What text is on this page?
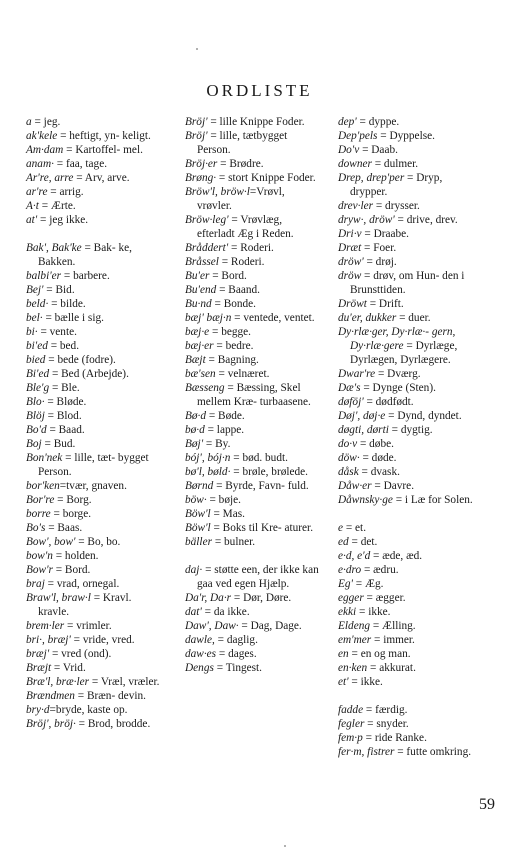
ORDLISTE
a = jeg.
ak'kele = heftigt, yn- keligt.
Am·dam = Kartoffel- mel.
anam· = faa, tage.
Ar're, arre = Arv, arve.
ar're = arrig.
A·t = Ærte.
at' = jeg ikke.
Bak', Bak'ke = Bak- ke, Bakken.
balbi'er = barbere.
Bej' = Bid.
beld· = bilde.
bel· = bælle i sig.
bi· = vente.
bi'ed = bed.
bied = bede (fodre).
Bi'ed = Bed (Arbejde).
Ble'g = Ble.
Blo· = Bløde.
Blöj = Blod.
Bo'd = Baad.
Boj = Bud.
Bon'nek = lille, tæt- bygget Person.
bor'ken=tvær, gnaven.
Bor're = Borg.
borre = borge.
Bo's = Baas.
Bow', bow' = Bo, bo.
bow'n = holden.
Bow'r = Bord.
braj = vrad, ornegal.
Braw'l, braw·l = Kravl. kravle.
brem·ler = vrimler.
bri·, bræj' = vride, vred.
bræj' = vred (ond).
Bræjt = Vrid.
Bræ'l, bræ·ler = Vræl, vræler.
Brændmen = Bræn- devin.
bry·d=bryde, kaste op.
Bröj', bröj· = Brod, brodde.
Bröj' = lille Knippe Foder.
Bröj' = lille, tætbygget Person.
Bröj·er = Brødre.
Brøng· = stort Knippe Foder.
Bröw'l, bröw·l=Vrøvl, vrøvler.
Bröw·leg' = Vrøvlæg, efterladt Æg i Reden.
Bråddert' = Roderi.
Bråssel = Roderi.
Bu'er = Bord.
Bu'end = Baand.
Bu·nd = Bonde.
bæj' bæj·n = ventede, ventet.
bæj·e = begge.
bæj·er = bedre.
Bæjt = Bagning.
bæ'sen = velnæret.
Bæsseng = Bæssing, Skel mellem Kræ- turbaasene.
Bø·d = Bøde.
bø·d = lappe.
Bøj' = By.
bój', bój·n = bød. budt.
bø'l, bøld· = brøle, brølede.
Børnd = Byrde, Favn- fuld.
böw· = bøje.
Böw'l = Mas.
Böw'l = Boks til Kre- aturer.
bäller = bulner.
daj· = støtte een, der ikke kan gaa ved egen Hjælp.
Da'r, Da·r = Dør, Døre.
dat' = da ikke.
Daw', Daw· = Dag, Dage.
dawle, = daglig.
daw·es = dages.
Dengs = Tingest.
dep' = dyppe.
Dep'pels = Dyppelse.
Do'v = Daab.
downer = dulmer.
Drep, drep'per = Dryp, drypper.
drev·ler = drysser.
dryw·, dröw' = drive, drev.
Dri·v = Draabe.
Dræt = Foer.
dröw' = drøj.
dröw = drøv, om Hun- den i Brunsttiden.
Dröwt = Drift.
du'er, dukker = duer.
Dy·rlæ·ger, Dy·rlæ·- gern, Dy·rlæ·gere = Dyrlæge, Dyrlægen, Dyrlægere.
Dwar're = Dværg.
Dæ's = Dynge (Sten).
døföj' = dødfødt.
Døj', døj·e = Dynd, dyndet.
døgti, dørti = dygtig.
do·v = døbe.
döw· = døde.
dåsk = dvask.
Dåw·er = Davre.
Dåwnsky·ge = i Læ for Solen.
e = et.
ed = det.
e·d, e'd = æde, æd.
e·dro = ædru.
Eg' = Æg.
egger = ægger.
ekki = ikke.
Eldeng = Ælling.
em'mer = immer.
en = en og man.
en·ken = akkurat.
et' = ikke.
fadde = færdig.
fegler = snyder.
fem·p = ride Ranke.
fer·m, fistrer = futte omkring.
59
